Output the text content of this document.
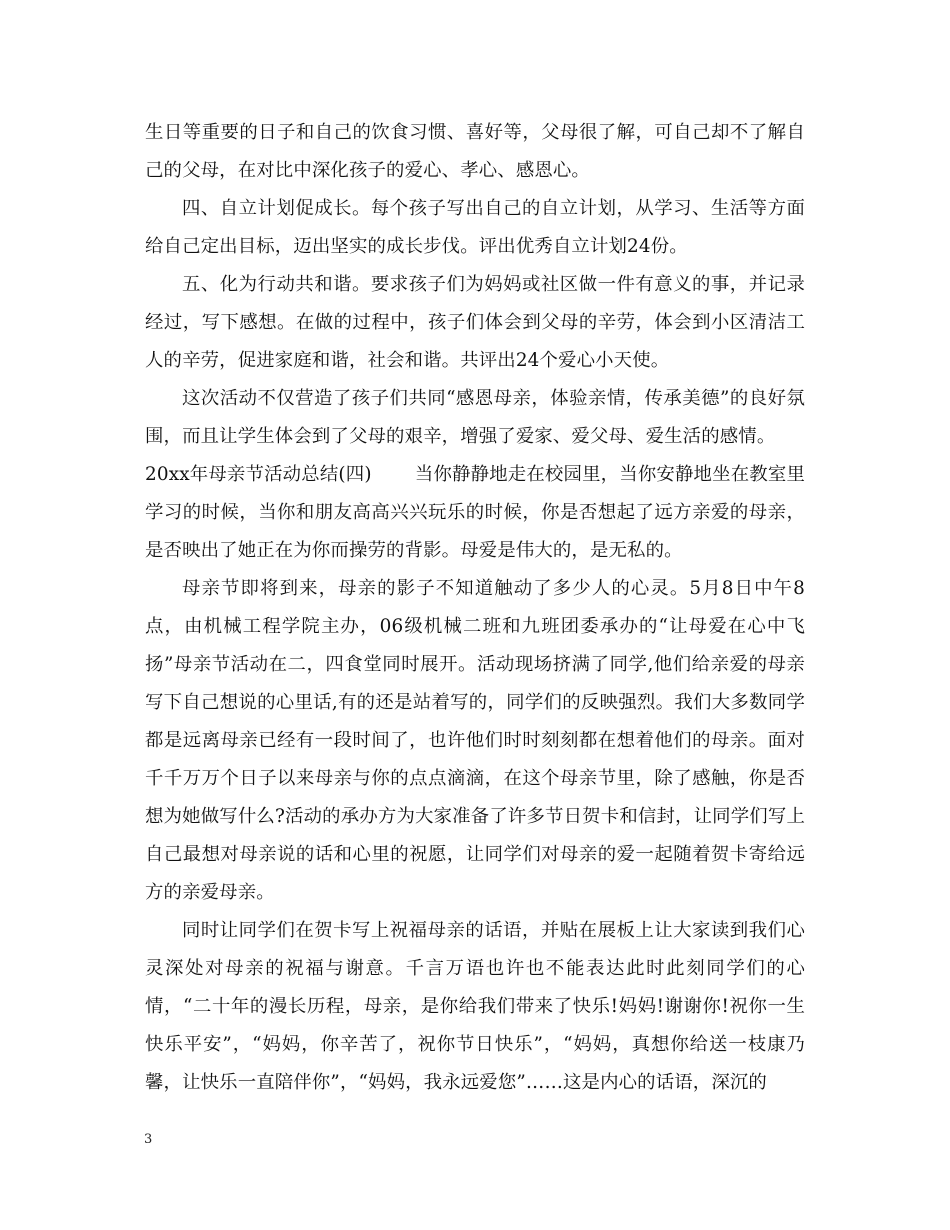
生日等重要的日子和自己的饮食习惯、喜好等，父母很了解，可自己却不了解自己的父母，在对比中深化孩子的爱心、孝心、感恩心。

四、自立计划促成长。每个孩子写出自己的自立计划，从学习、生活等方面给自己定出目标，迈出坚实的成长步伐。评出优秀自立计划24份。

五、化为行动共和谐。要求孩子们为妈妈或社区做一件有意义的事，并记录经过，写下感想。在做的过程中，孩子们体会到父母的辛劳，体会到小区清洁工人的辛劳，促进家庭和谐，社会和谐。共评出24个爱心小天使。

这次活动不仅营造了孩子们共同“感恩母亲，体验亲情，传承美德”的良好氛围，而且让学生体会到了父母的艰辛，增强了爱家、爱父母、爱生活的感情。

20xx年母亲节活动总结(四)　　 当你静静地走在校园里，当你安静地坐在教室里学习的时候，当你和朋友高高兴兴玩乐的时候，你是否想起了远方亲爱的母亲，是否映出了她正在为你而操劳的背影。母爱是伟大的，是无私的。

母亲节即将到来，母亲的影子不知道触动了多少人的心灵。5月8日中午8点，由机械工程学院主办，06级机械二班和九班团委承办的“让母爱在心中飞扬”母亲节活动在二，四食堂同时展开。活动现场挤满了同学,他们给亲爱的母亲写下自己想说的心里话,有的还是站着写的，同学们的反映强烈。我们大多数同学都是远离母亲已经有一段时间了，也许他们时时刻刻都在想着他们的母亲。面对千千万万个日子以来母亲与你的点点滴滴，在这个母亲节里，除了感触，你是否想为她做写什么?活动的承办方为大家准备了许多节日贺卡和信封，让同学们写上自己最想对母亲说的话和心里的祝愿，让同学们对母亲的爱一起随着贺卡寄给远方的亲爱母亲。

同时让同学们在贺卡写上祝福母亲的话语，并贴在展板上让大家读到我们心灵深处对母亲的祝福与谢意。千言万语也许也不能表达此时此刻同学们的心情，“二十年的漫长历程，母亲，是你给我们带来了快乐!妈妈!谢谢你!祝你一生快乐平安”，“妈妈，你辛苦了，祝你节日快乐”，“妈妈，真想你给送一枝康乃馨，让快乐一直陪伴你”，“妈妈，我永远爱您”……这是内心的话语，深沉的

3
